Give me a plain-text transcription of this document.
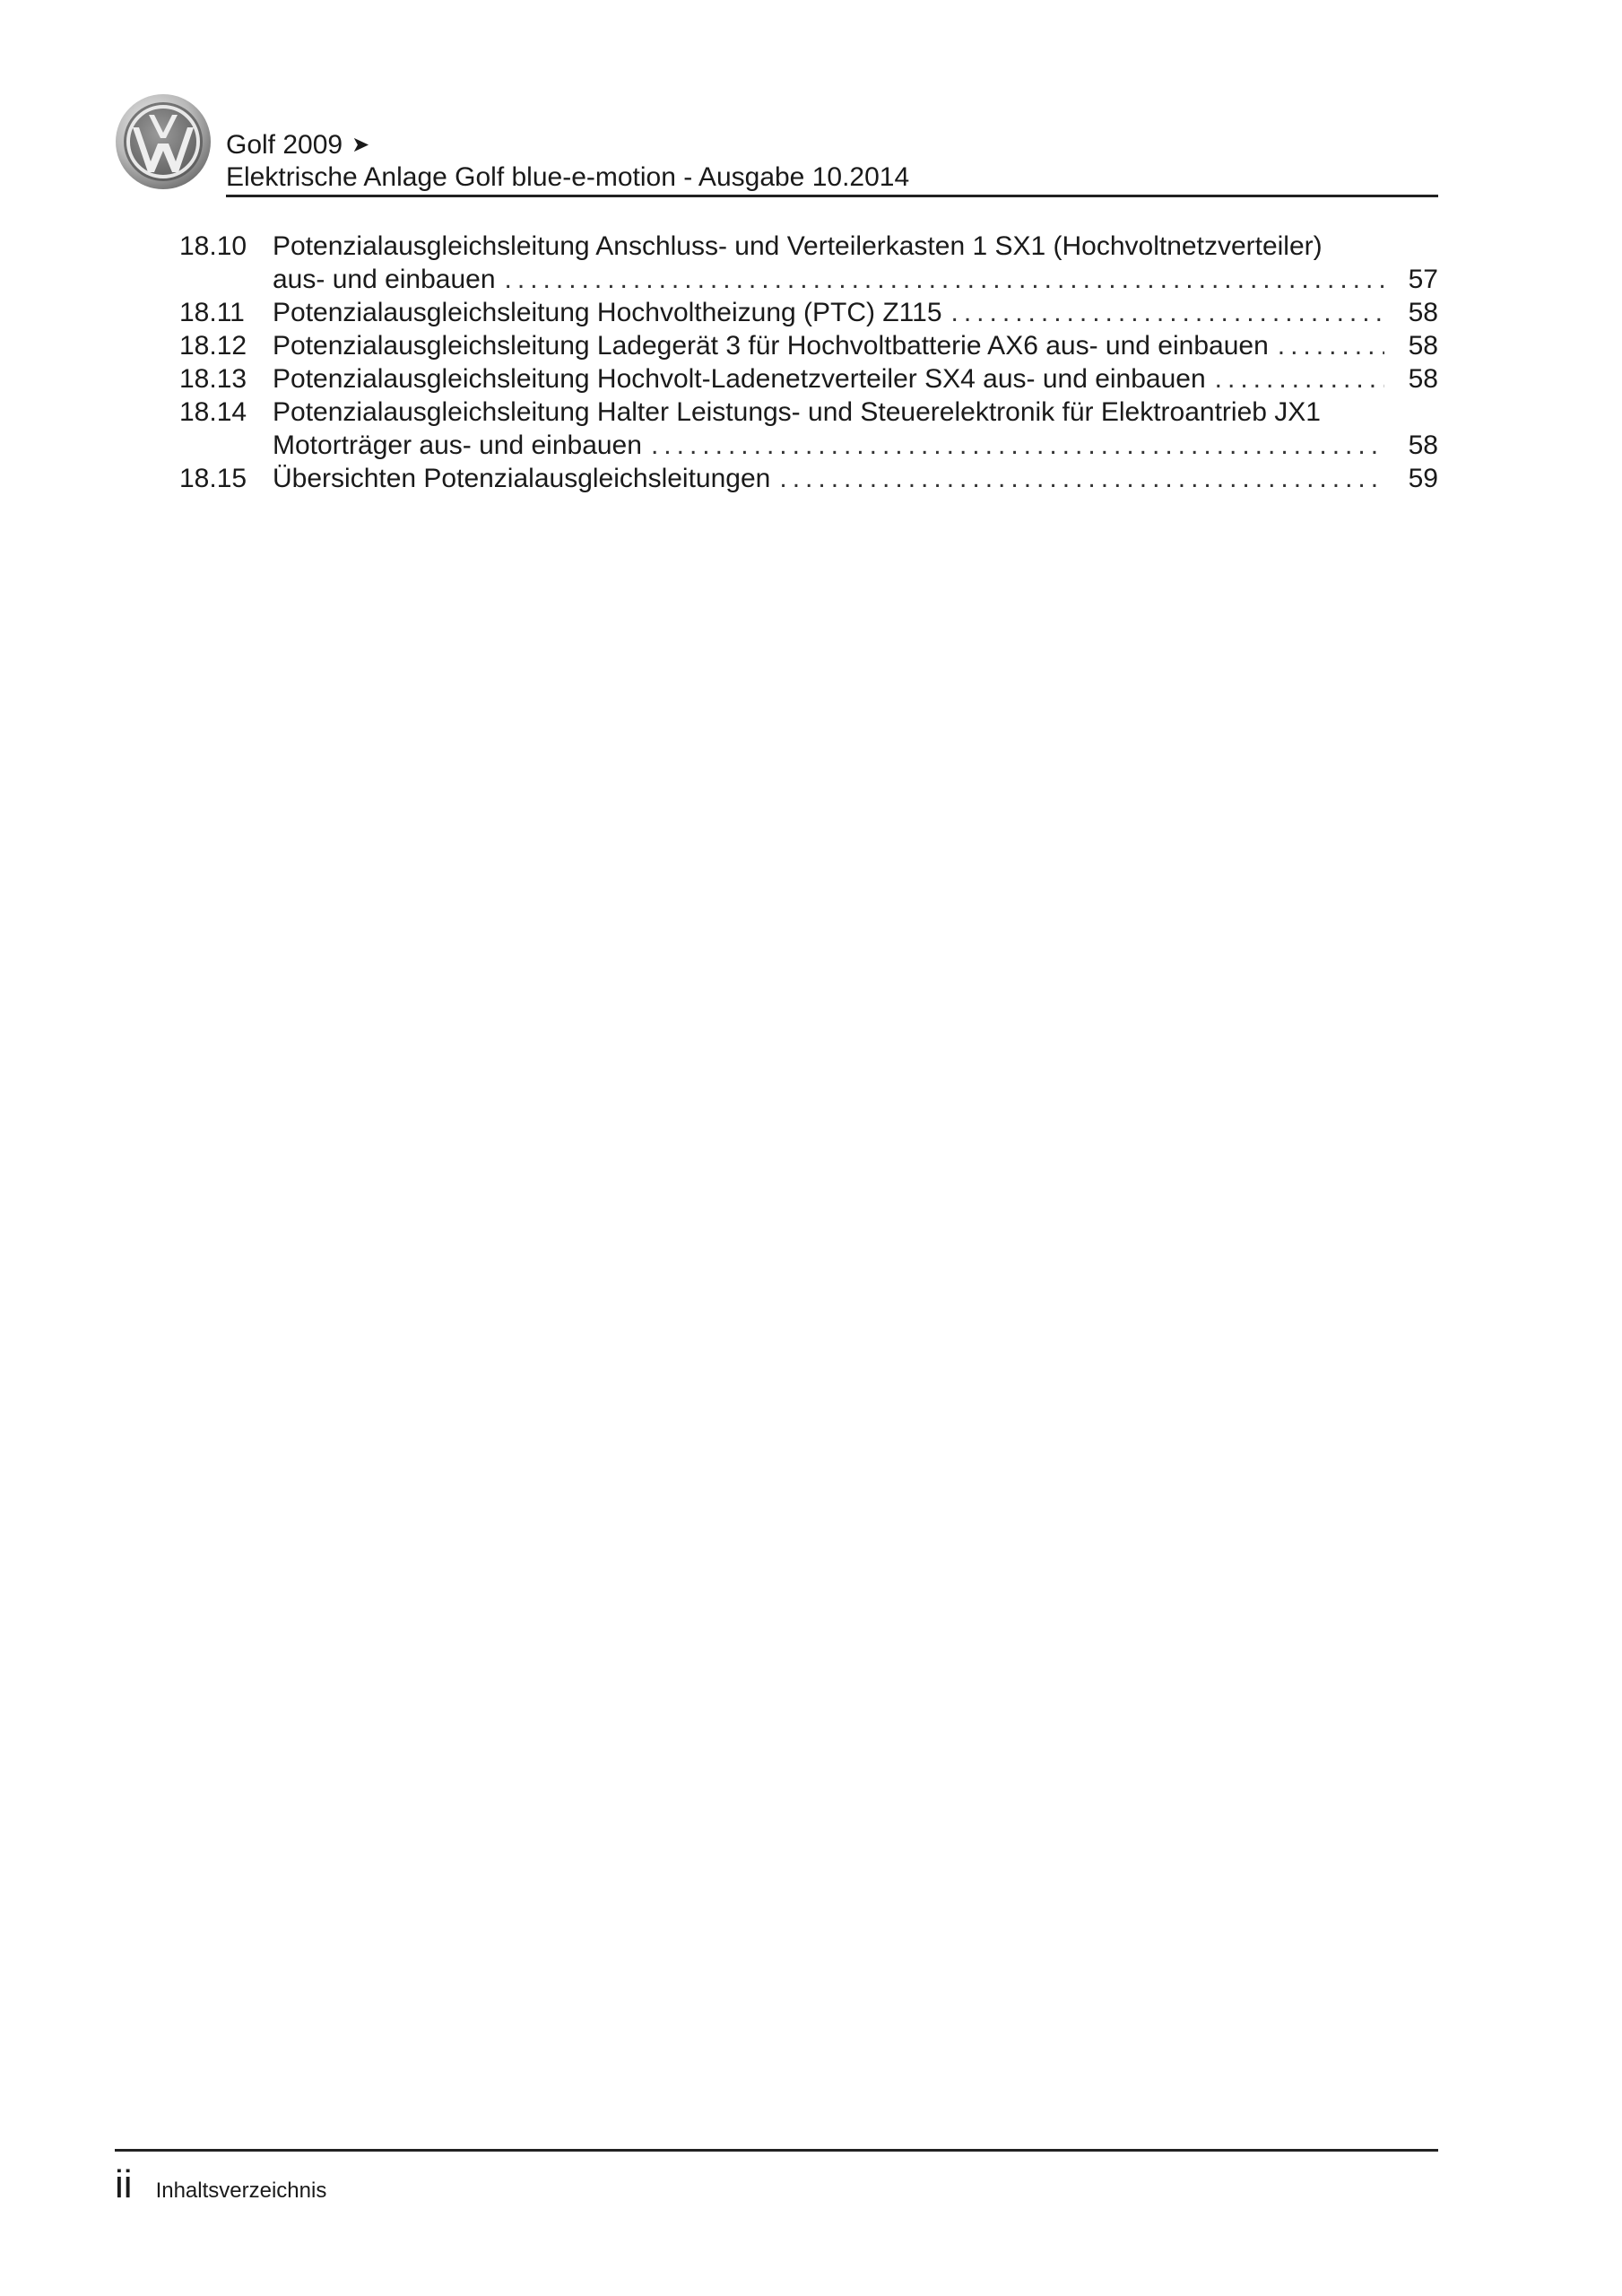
Golf 2009 ➤
Elektrische Anlage Golf blue-e-motion - Ausgabe 10.2014
18.10 Potenzialausgleichsleitung Anschluss- und Verteilerkasten 1 SX1 (Hochvoltnetzverteiler)
aus- und einbauen .....	57
18.11	Potenzialausgleichsleitung Hochvoltheizung (PTC) Z115 .....	58
18.12 Potenzialausgleichsleitung Ladegerät 3 für Hochvoltbatterie AX6 aus- und einbauen .....	58
18.13 Potenzialausgleichsleitung Hochvolt-Ladenetzverteiler SX4 aus- und einbauen .....	58
18.14 Potenzialausgleichsleitung Halter Leistungs- und Steuerelektronik für Elektroantrieb JX1
Motorträger aus- und einbauen .....	58
18.15 Übersichten Potenzialausgleichsleitungen .....	59
ii Inhaltsverzeichnis
